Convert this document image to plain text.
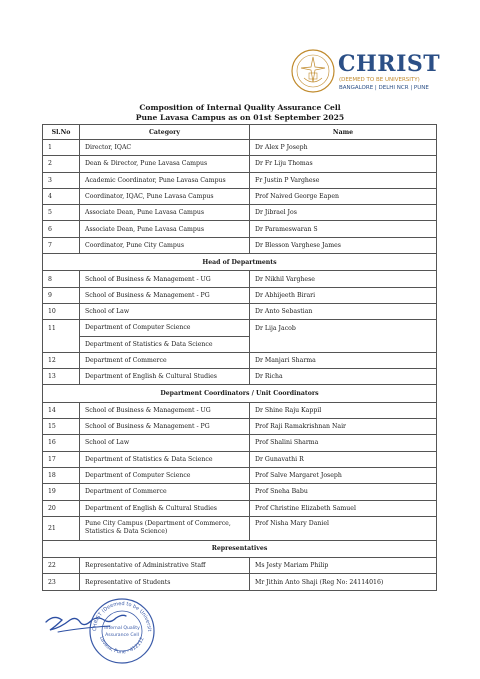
CHRIST
(DEEMED TO BE UNIVERSITY)
BANGALORE | DELHI NCR | PUNE
Composition of Internal Quality Assurance Cell
Pune Lavasa Campus as on 01st September 2025
Sl.No	Category	Name
1	Director, IQAC	Dr Alex P Joseph
2	Dean & Director, Pune Lavasa Campus	Dr Fr Liju Thomas
3	Academic Coordinator, Pune Lavasa Campus	Fr Justin P Varghese
4	Coordinator, IQAC, Pune Lavasa Campus	Prof Naived George Eapen
5	Associate Dean, Pune Lavasa Campus	Dr Jibrael Jos
6	Associate Dean, Pune Lavasa Campus	Dr Parameswaran S
7	Coordinator, Pune City Campus	Dr Blesson Varghese James
Head of Departments		
8	School of Business & Management - UG	Dr Nikhil Varghese
9	School of Business & Management - PG	Dr Abhijeeth Birari
10	School of Law	Dr Anto Sebastian
11	Department of Computer Science	Dr Lija Jacob
	Department of Statistics & Data Science	
12	Department of Commerce	Dr Manjari Sharma
13	Department of English & Cultural Studies	Dr Richa
Department Coordinators / Unit Coordinators		
14	School of Business & Management - UG	Dr Shine Raju Kappil
15	School of Business & Management - PG	Prof Raji Ramakrishnan Nair
16	School of Law	Prof Shalini Sharma
17	Department of Statistics & Data Science	Dr Gunavathi R
18	Department of Computer Science	Prof Salve Margaret Joseph
19	Department of Commerce	Prof Sneha Babu
20	Department of English & Cultural Studies	Prof Christine Elizabeth Samuel
21	Pune City Campus (Department of Commerce, Statistics & Data Science)	Prof Nisha Mary Daniel
Representatives		
22	Representative of Administrative Staff	Ms Jesty Mariam Philip
23	Representative of Students	Mr Jithin Anto Shaji (Reg No: 24114016)
CHRIST (Deemed to be Universit
Lavasa, Pune - 412112
Internal Quality
Assurance Cell
